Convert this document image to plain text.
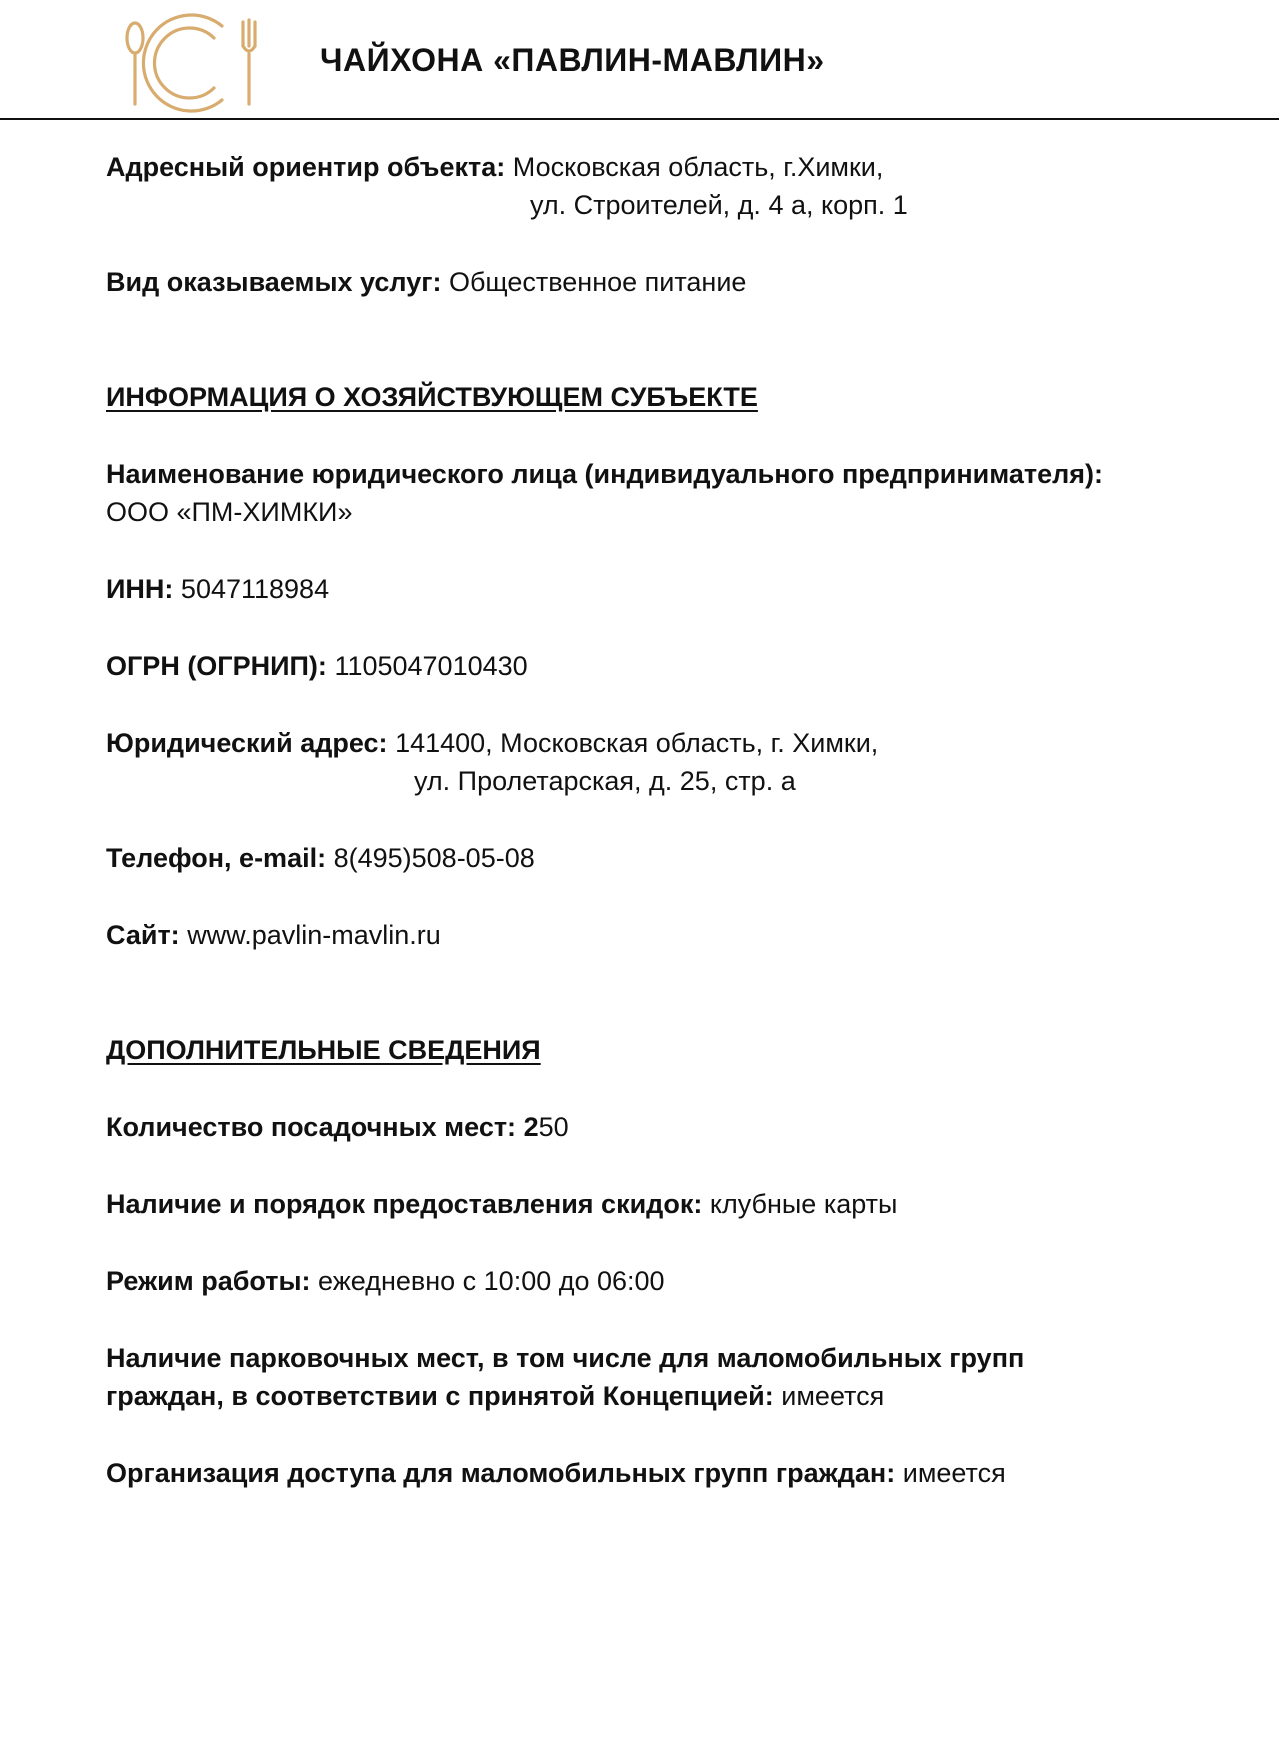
ЧАЙХОНА «ПАВЛИН-МАВЛИН»
Адресный ориентир объекта: Московская область, г.Химки,
ул. Строителей, д. 4 а, корп. 1
Вид оказываемых услуг: Общественное питание
ИНФОРМАЦИЯ О ХОЗЯЙСТВУЮЩЕМ СУБЪЕКТЕ
Наименование юридического лица (индивидуального предпринимателя):
ООО «ПМ-ХИМКИ»
ИНН: 5047118984
ОГРН (ОГРНИП): 1105047010430
Юридический адрес: 141400, Московская область, г. Химки,
ул. Пролетарская, д. 25, стр. а
Телефон, e-mail: 8(495)508-05-08
Сайт: www.pavlin-mavlin.ru
ДОПОЛНИТЕЛЬНЫЕ СВЕДЕНИЯ
Количество посадочных мест: 250
Наличие и порядок предоставления скидок: клубные карты
Режим работы: ежедневно с 10:00 до 06:00
Наличие парковочных мест, в том числе для маломобильных групп
граждан, в соответствии с принятой Концепцией: имеется
Организация доступа для маломобильных групп граждан: имеется
